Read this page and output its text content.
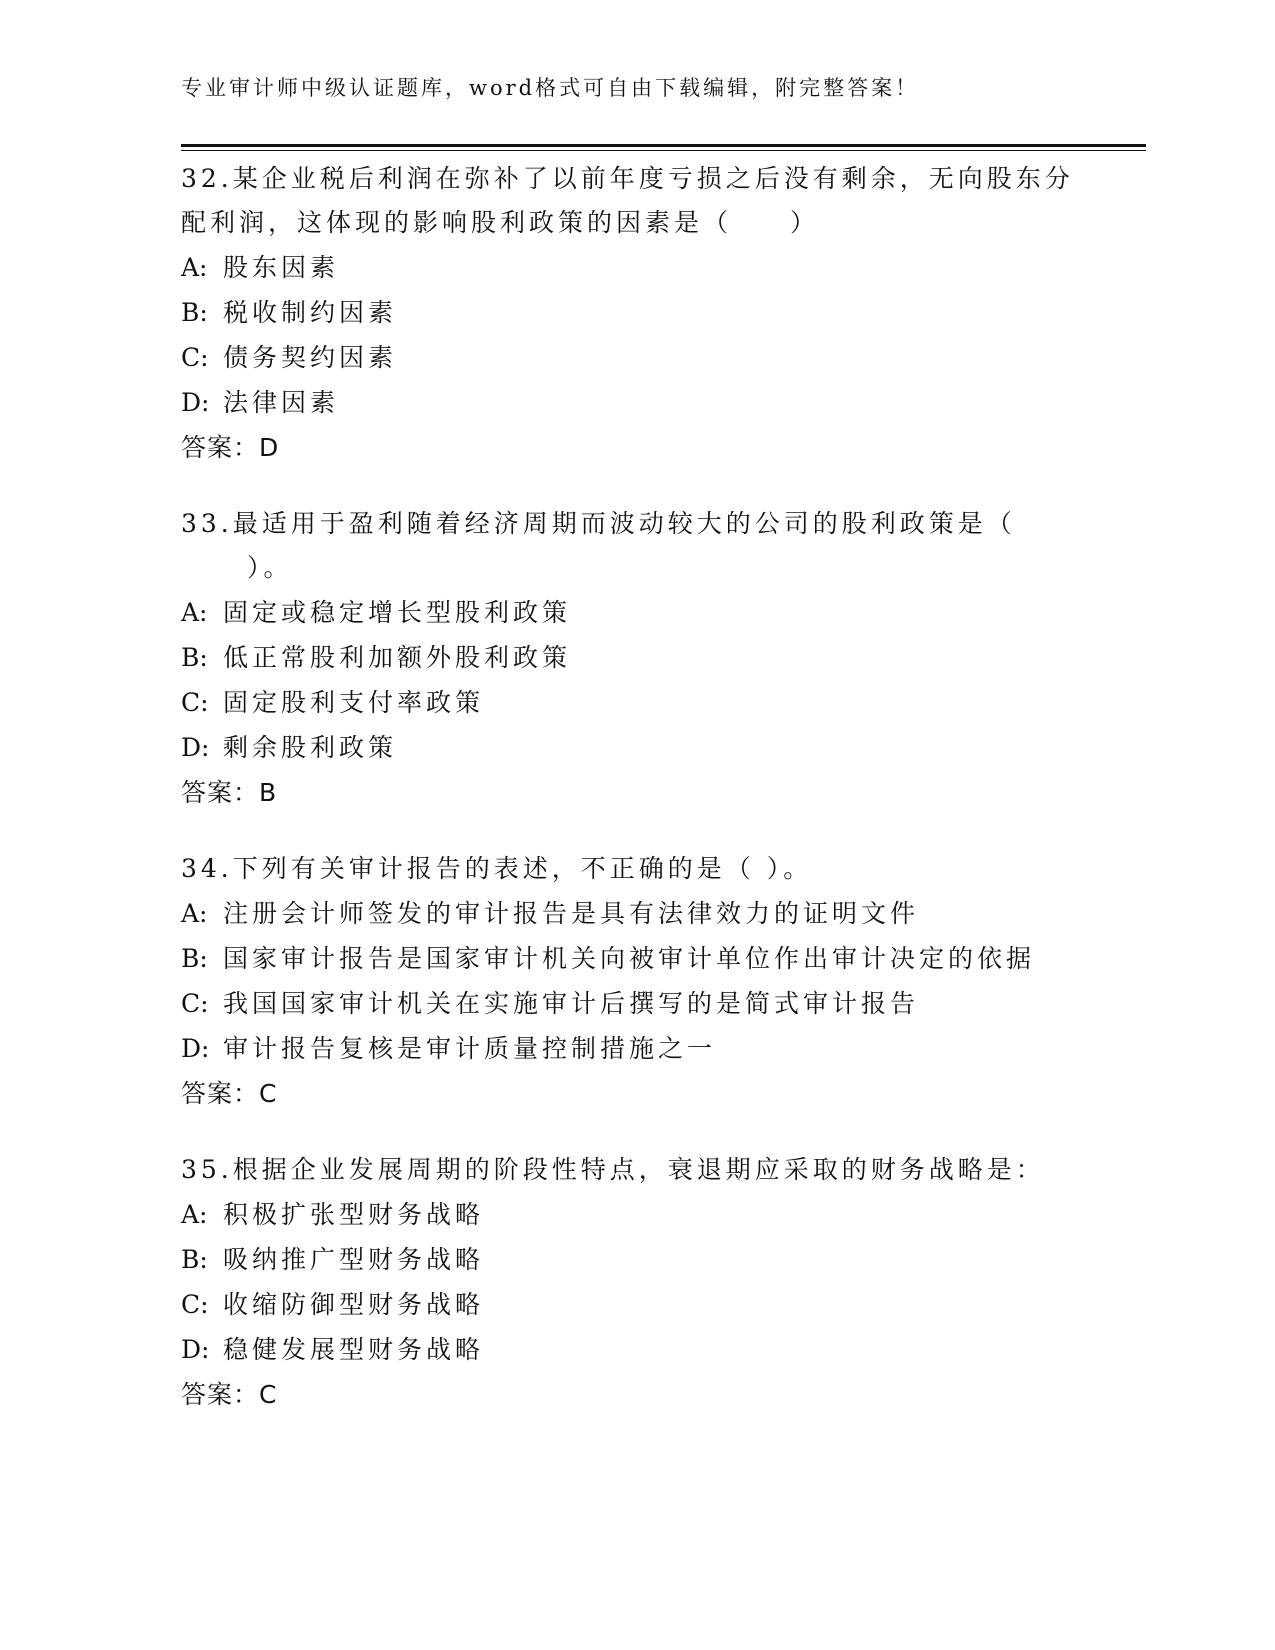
专业审计师中级认证题库，word格式可自由下载编辑，附完整答案！

32.某企业税后利润在弥补了以前年度亏损之后没有剩余，无向股东分
配利润，这体现的影响股利政策的因素是（　　）

A: 股东因素

B: 税收制约因素

C: 债务契约因素

D: 法律因素

答案：D

33.最适用于盈利随着经济周期而波动较大的公司的股利政策是（
）。

A: 固定或稳定增长型股利政策

B: 低正常股利加额外股利政策

C: 固定股利支付率政策

D: 剩余股利政策

答案：B

34.下列有关审计报告的表述，不正确的是（ ）。

A: 注册会计师签发的审计报告是具有法律效力的证明文件

B: 国家审计报告是国家审计机关向被审计单位作出审计决定的依据

C: 我国国家审计机关在实施审计后撰写的是简式审计报告

D: 审计报告复核是审计质量控制措施之一

答案：C

35.根据企业发展周期的阶段性特点，衰退期应采取的财务战略是：

A: 积极扩张型财务战略

B: 吸纳推广型财务战略

C: 收缩防御型财务战略

D: 稳健发展型财务战略

答案：C
